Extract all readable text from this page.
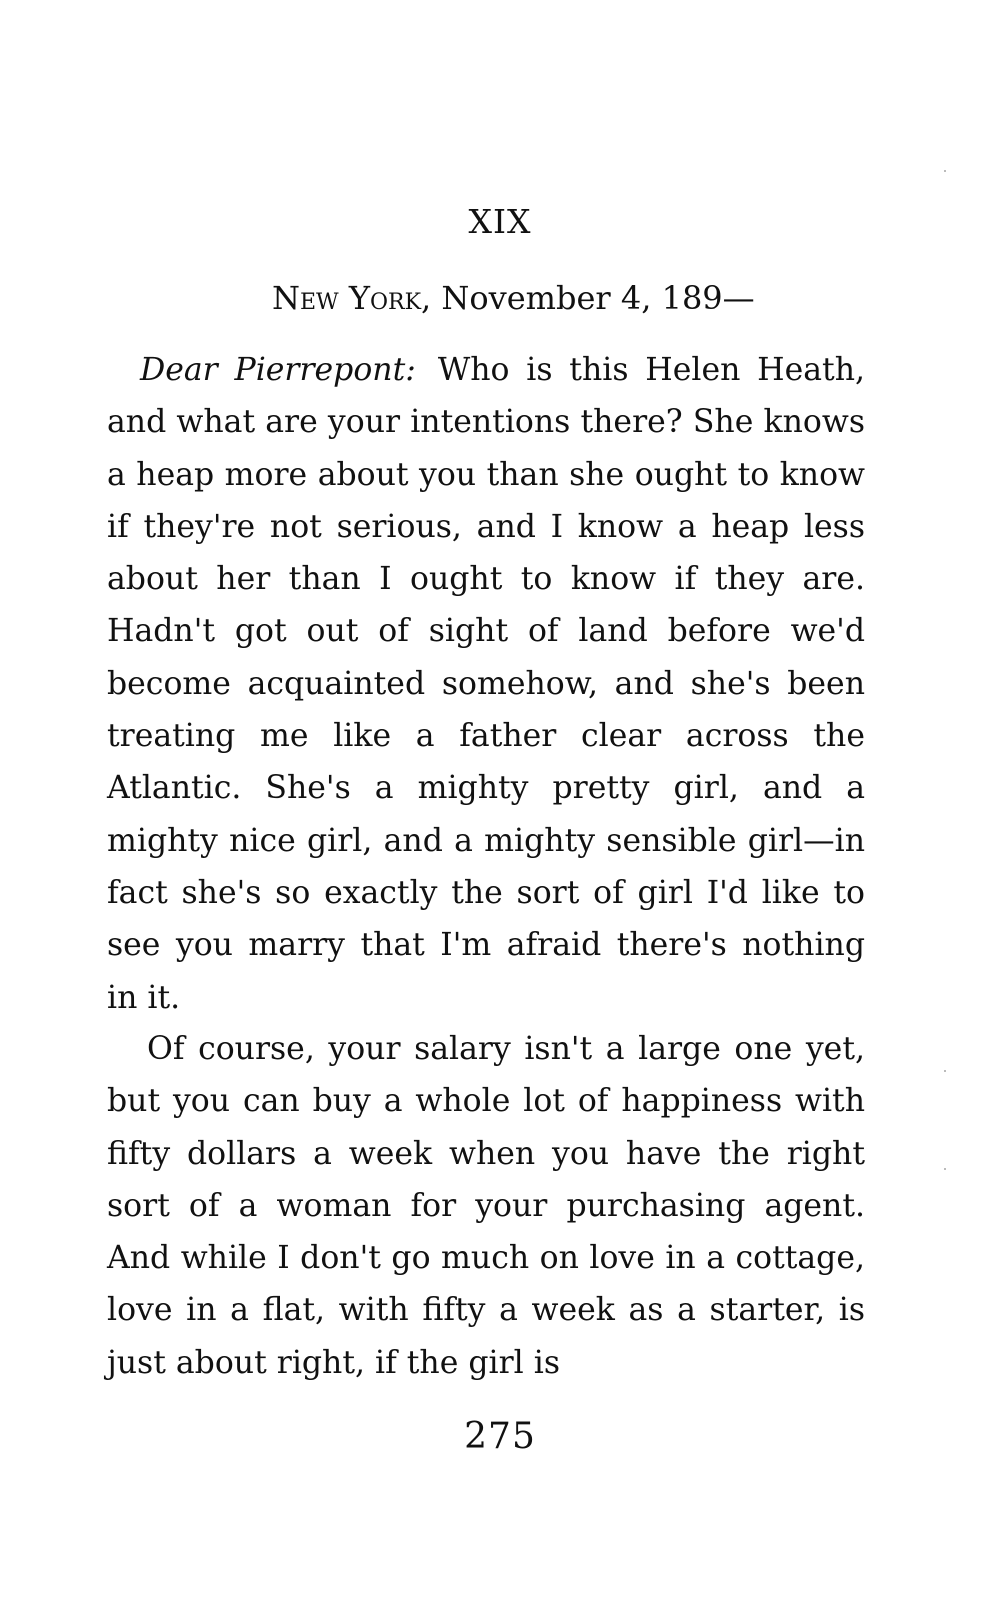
XIX
New York, November 4, 189—

Dear Pierrepont: Who is this Helen Heath, and what are your intentions there? She knows a heap more about you than she ought to know if they're not serious, and I know a heap less about her than I ought to know if they are. Hadn't got out of sight of land before we'd become acquainted somehow, and she's been treating me like a father clear across the Atlantic. She's a mighty pretty girl, and a mighty nice girl, and a mighty sensible girl—in fact she's so exactly the sort of girl I'd like to see you marry that I'm afraid there's nothing in it.

Of course, your salary isn't a large one yet, but you can buy a whole lot of happiness with fifty dollars a week when you have the right sort of a woman for your purchasing agent. And while I don't go much on love in a cottage, love in a flat, with fifty a week as a starter, is just about right, if the girl is

275
